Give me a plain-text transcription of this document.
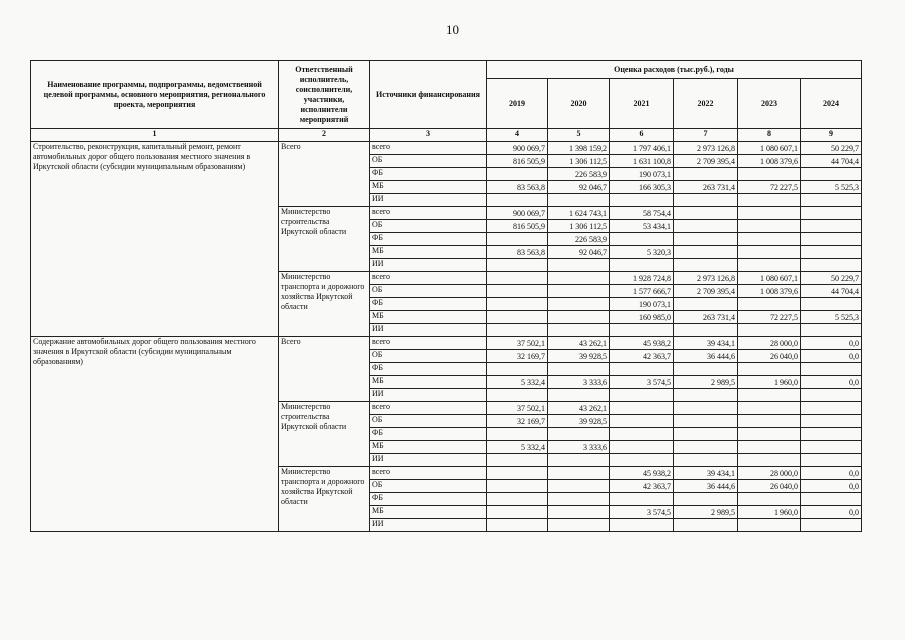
10
Наименование программы, подпрограммы, ведомственной целевой программы, основного мероприятия, регионального проекта, мероприятия	Ответственный исполнитель, соисполнители, участники, исполнители мероприятий	Источники финансирования	Оценка расходов (тыс.руб.), годы					
			2019	2020	2021	2022	2023	2024
1	2	3	4	5	6	7	8	9
Строительство, реконструкция, капитальный ремонт, ремонт автомобильных дорог общего пользования местного значения в Иркутской области (субсидии муниципальным образованиям)	Всего	всего	900 069,7	1 398 159,2	1 797 406,1	2 973 126,8	1 080 607,1	50 229,7
		ОБ	816 505,9	1 306 112,5	1 631 100,8	2 709 395,4	1 008 379,6	44 704,4
		ФБ		226 583,9	190 073,1			
		МБ	83 563,8	92 046,7	166 305,3	263 731,4	72 227,5	5 525,3
		ИИ						
	Министерство строительства Иркутской области	всего	900 069,7	1 624 743,1	58 754,4			
		ОБ	816 505,9	1 306 112,5	53 434,1			
		ФБ		226 583,9				
		МБ	83 563,8	92 046,7	5 320,3			
		ИИ						
	Министерство транспорта и дорожного хозяйства Иркутской области	всего			1 928 724,8	2 973 126,8	1 080 607,1	50 229,7
		ОБ			1 577 666,7	2 709 395,4	1 008 379,6	44 704,4
		ФБ			190 073,1			
		МБ			160 985,0	263 731,4	72 227,5	5 525,3
		ИИ						
Содержание автомобильных дорог общего пользования местного значения в Иркутской области (субсидии муниципальным образованиям)	Всего	всего	37 502,1	43 262,1	45 938,2	39 434,1	28 000,0	0,0
		ОБ	32 169,7	39 928,5	42 363,7	36 444,6	26 040,0	0,0
		ФБ						
		МБ	5 332,4	3 333,6	3 574,5	2 989,5	1 960,0	0,0
		ИИ						
	Министерство строительства Иркутской области	всего	37 502,1	43 262,1				
		ОБ	32 169,7	39 928,5				
		ФБ						
		МБ	5 332,4	3 333,6				
		ИИ						
	Министерство транспорта и дорожного хозяйства Иркутской области	всего			45 938,2	39 434,1	28 000,0	0,0
		ОБ			42 363,7	36 444,6	26 040,0	0,0
		ФБ						
		МБ			3 574,5	2 989,5	1 960,0	0,0
		ИИ						
